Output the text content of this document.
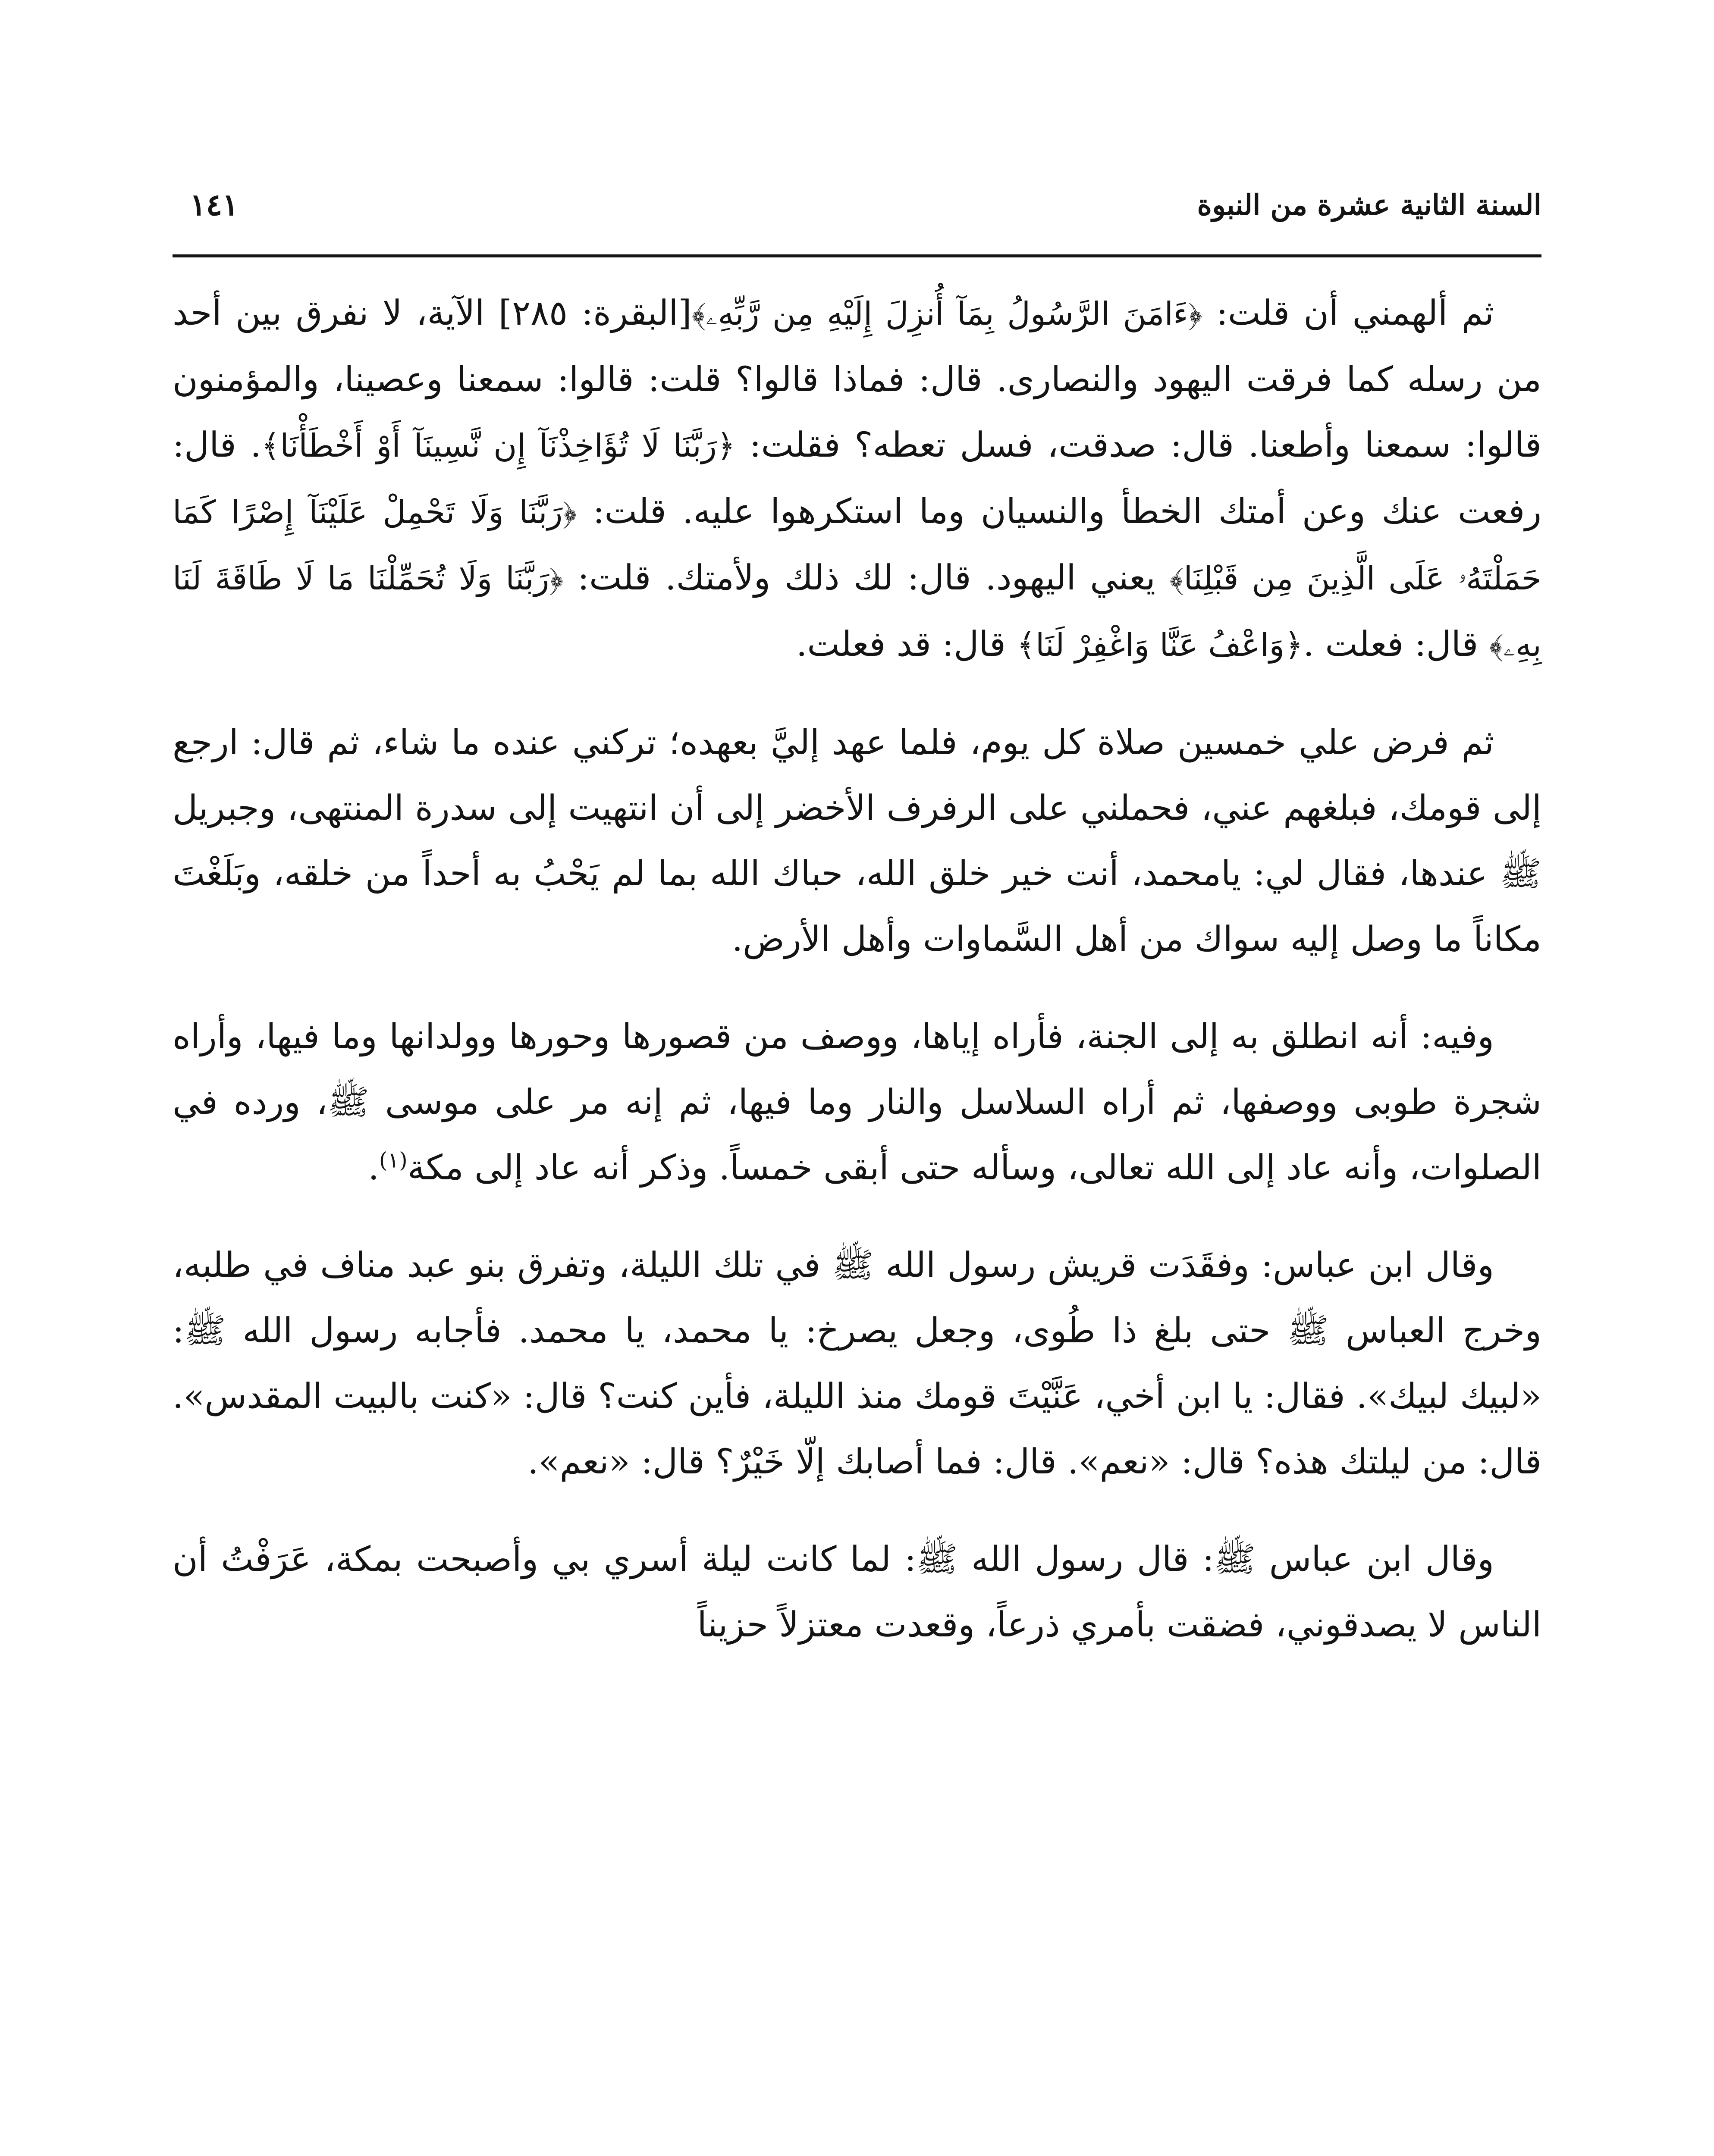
السنة الثانية عشرة من النبوة
١٤١

ثم ألهمني أن قلت: ﴿ءَامَنَ الرَّسُولُ بِمَآ أُنزِلَ إِلَيْهِ مِن رَّبِّهِۦ﴾[البقرة: ٢٨٥] الآية، لا نفرق بين أحد من رسله كما فرقت اليهود والنصارى. قال: فماذا قالوا؟ قلت: قالوا: سمعنا وعصينا، والمؤمنون قالوا: سمعنا وأطعنا. قال: صدقت، فسل تعطه؟ فقلت: ﴿رَبَّنَا لَا تُؤَاخِذْنَآ إِن نَّسِينَآ أَوْ أَخْطَأْنَا﴾. قال: رفعت عنك وعن أمتك الخطأ والنسيان وما استكرهوا عليه. قلت: ﴿رَبَّنَا وَلَا تَحْمِلْ عَلَيْنَآ إِصْرًا كَمَا حَمَلْتَهُۥ عَلَى الَّذِينَ مِن قَبْلِنَا﴾ يعني اليهود. قال: لك ذلك ولأمتك. قلت: ﴿رَبَّنَا وَلَا تُحَمِّلْنَا مَا لَا طَاقَةَ لَنَا بِهِۦ﴾ قال: فعلت .﴿وَاعْفُ عَنَّا وَاغْفِرْ لَنَا﴾ قال: قد فعلت.

ثم فرض علي خمسين صلاة كل يوم، فلما عهد إليَّ بعهده؛ تركني عنده ما شاء، ثم قال: ارجع إلى قومك، فبلغهم عني، فحملني على الرفرف الأخضر إلى أن انتهيت إلى سدرة المنتهى، وجبريل ﷺ عندها، فقال لي: يامحمد، أنت خير خلق الله، حباك الله بما لم يَحْبُ به أحداً من خلقه، وبَلَغْتَ مكاناً ما وصل إليه سواك من أهل السَّماوات وأهل الأرض.

وفيه: أنه انطلق به إلى الجنة، فأراه إياها، ووصف من قصورها وحورها وولدانها وما فيها، وأراه شجرة طوبى ووصفها، ثم أراه السلاسل والنار وما فيها، ثم إنه مر على موسى ﷺ، ورده في الصلوات، وأنه عاد إلى الله تعالى، وسأله حتى أبقى خمساً. وذكر أنه عاد إلى مكة$^{(١)}$.

وقال ابن عباس: وفقَدَت قريش رسول الله ﷺ في تلك الليلة، وتفرق بنو عبد مناف في طلبه، وخرج العباس ﷺ حتى بلغ ذا طُوى، وجعل يصرخ: يا محمد، يا محمد. فأجابه رسول الله ﷺ: «لبيك لبيك». فقال: يا ابن أخي، عَنَّيْتَ قومك منذ الليلة، فأين كنت؟ قال: «كنت بالبيت المقدس». قال: من ليلتك هذه؟ قال: «نعم». قال: فما أصابك إلّا خَيْرٌ؟ قال: «نعم».

وقال ابن عباس ﷺ: قال رسول الله ﷺ: لما كانت ليلة أسري بي وأصبحت بمكة، عَرَفْتُ أن الناس لا يصدقوني، فضقت بأمري ذرعاً، وقعدت معتزلاً حزيناً
